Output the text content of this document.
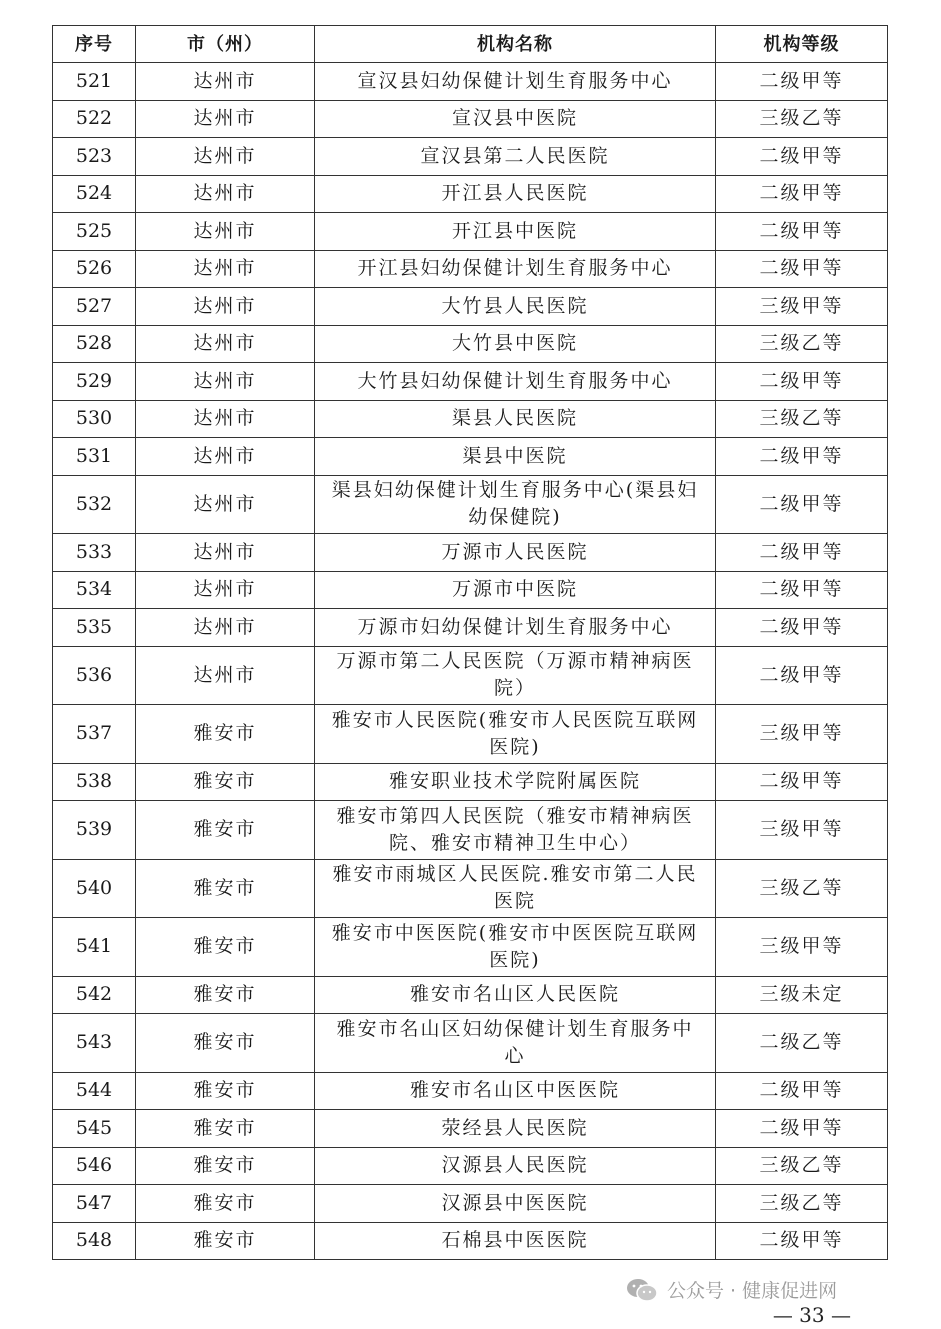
序号	市（州）	机构名称	机构等级
521	达州市	宣汉县妇幼保健计划生育服务中心	二级甲等
522	达州市	宣汉县中医院	三级乙等
523	达州市	宣汉县第二人民医院	二级甲等
524	达州市	开江县人民医院	二级甲等
525	达州市	开江县中医院	二级甲等
526	达州市	开江县妇幼保健计划生育服务中心	二级甲等
527	达州市	大竹县人民医院	三级甲等
528	达州市	大竹县中医院	三级乙等
529	达州市	大竹县妇幼保健计划生育服务中心	二级甲等
530	达州市	渠县人民医院	三级乙等
531	达州市	渠县中医院	二级甲等
532	达州市	渠县妇幼保健计划生育服务中心(渠县妇
幼保健院)	二级甲等
533	达州市	万源市人民医院	二级甲等
534	达州市	万源市中医院	二级甲等
535	达州市	万源市妇幼保健计划生育服务中心	二级甲等
536	达州市	万源市第二人民医院（万源市精神病医
院）	二级甲等
537	雅安市	雅安市人民医院(雅安市人民医院互联网
医院)	三级甲等
538	雅安市	雅安职业技术学院附属医院	二级甲等
539	雅安市	雅安市第四人民医院（雅安市精神病医
院、雅安市精神卫生中心）	三级甲等
540	雅安市	雅安市雨城区人民医院.雅安市第二人民
医院	三级乙等
541	雅安市	雅安市中医医院(雅安市中医医院互联网
医院)	三级甲等
542	雅安市	雅安市名山区人民医院	三级未定
543	雅安市	雅安市名山区妇幼保健计划生育服务中
心	二级乙等
544	雅安市	雅安市名山区中医医院	二级甲等
545	雅安市	荥经县人民医院	二级甲等
546	雅安市	汉源县人民医院	三级乙等
547	雅安市	汉源县中医医院	三级乙等
548	雅安市	石棉县中医医院	二级甲等
公众号 · 健康促进网
— 33 —
